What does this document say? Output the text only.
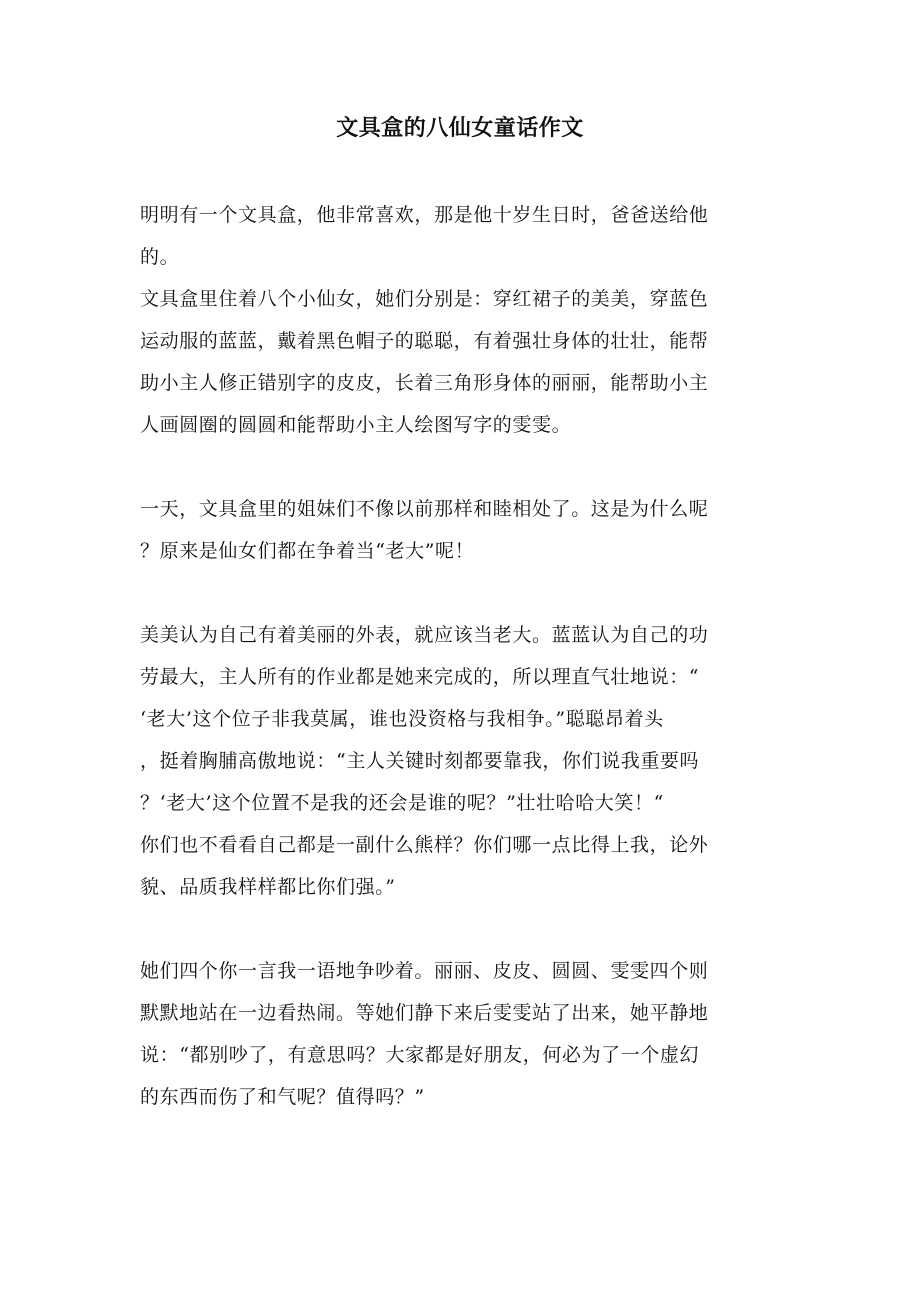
文具盒的八仙女童话作文
明明有一个文具盒，他非常喜欢，那是他十岁生日时，爸爸送给他
的。
文具盒里住着八个小仙女，她们分别是：穿红裙子的美美，穿蓝色
运动服的蓝蓝，戴着黑色帽子的聪聪，有着强壮身体的壮壮，能帮
助小主人修正错别字的皮皮，长着三角形身体的丽丽，能帮助小主
人画圆圈的圆圆和能帮助小主人绘图写字的雯雯。
一天，文具盒里的姐妹们不像以前那样和睦相处了。这是为什么呢
？原来是仙女们都在争着当“老大”呢！
美美认为自己有着美丽的外表，就应该当老大。蓝蓝认为自己的功
劳最大，主人所有的作业都是她来完成的，所以理直气壮地说：“
‘老大’这个位子非我莫属，谁也没资格与我相争。”聪聪昂着头
，挺着胸脯高傲地说：“主人关键时刻都要靠我，你们说我重要吗
？‘老大’这个位置不是我的还会是谁的呢？”壮壮哈哈大笑！“
你们也不看看自己都是一副什么熊样？你们哪一点比得上我，论外
貌、品质我样样都比你们强。”
她们四个你一言我一语地争吵着。丽丽、皮皮、圆圆、雯雯四个则
默默地站在一边看热闹。等她们静下来后雯雯站了出来，她平静地
说：“都别吵了，有意思吗？大家都是好朋友，何必为了一个虚幻
的东西而伤了和气呢？值得吗？”
